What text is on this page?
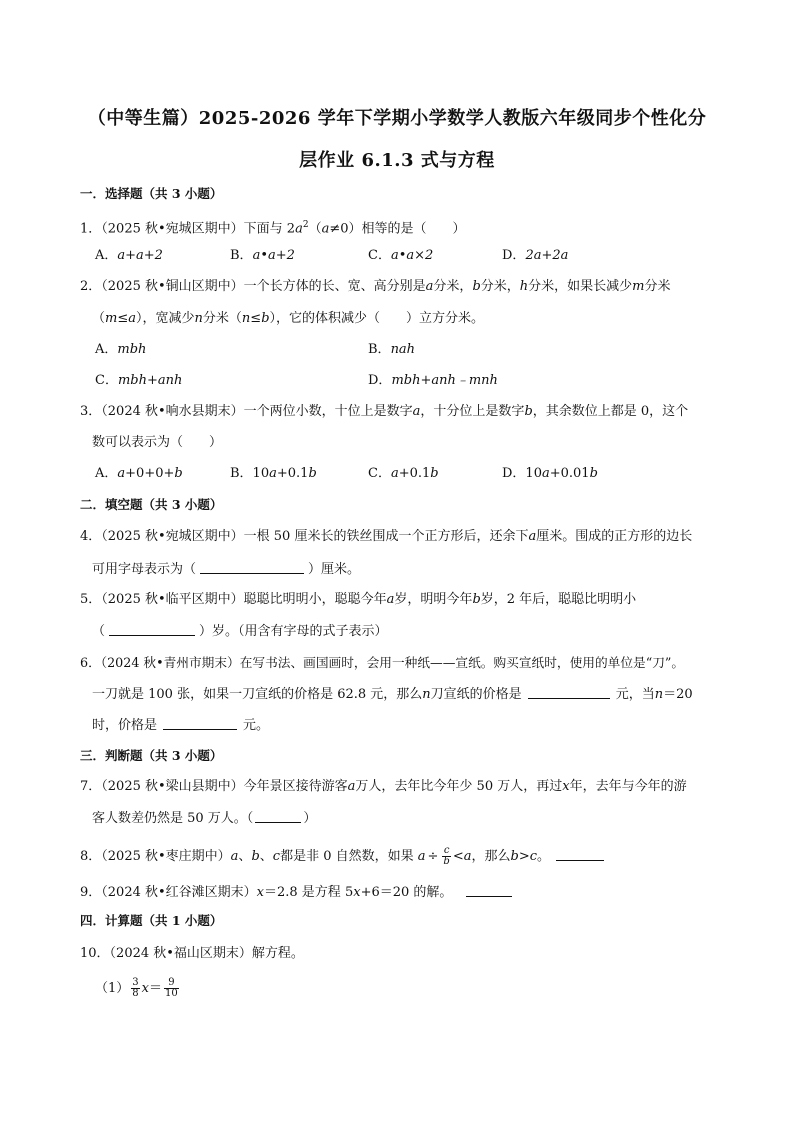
（中等生篇）2025-2026 学年下学期小学数学人教版六年级同步个性化分
层作业 6.1.3 式与方程
一．选择题（共 3 小题）
1．（2025 秋•宛城区期中）下面与 $2a^2(a\ne 0)$相等的是（　　）
A．a+a+2	B．a•a+2	C．a•a×2	D．2a+2a
2．（2025 秋•铜山区期中）一个长方体的长、宽、高分别是a分米，b分米，h分米，如果长减少m分米
（m≤a），宽减少n分米（n≤b），它的体积减少（　　）立方分米。
A．mbh	B．nah
C．mbh+anh	D．mbh+anh﹣mnh
3．（2024 秋•响水县期末）一个两位小数，十位上是数字a，十分位上是数字b，其余数位上都是 0，这个
数可以表示为（　　）
A．a+0+0+b	B．10a+0.1b	C．a+0.1b	D．10a+0.01b
二．填空题（共 3 小题）
4．（2025 秋•宛城区期中）一根 50 厘米长的铁丝围成一个正方形后，还余下a厘米。围成的正方形的边长
可用字母表示为（	）厘米。
5．（2025 秋•临平区期中）聪聪比明明小，聪聪今年a岁，明明今年b岁，2 年后，聪聪比明明小
（	）岁。（用含有字母的式子表示）
6．（2024 秋•青州市期末）在写书法、画国画时，会用一种纸——宣纸。购买宣纸时，使用的单位是“刀”。
一刀就是 100 张，如果一刀宣纸的价格是 62.8 元，那么n刀宣纸的价格是	元，当n＝20
时，价格是	元。
三．判断题（共 3 小题）
7．（2025 秋•梁山县期中）今年景区接待游客a万人，去年比今年少 50 万人，再过x年，去年与今年的游
客人数差仍然是 50 万人。（	）
8．（2025 秋•枣庄期中）a、b、c都是非 0 自然数，如果 $a \div \frac{c}{b} <a$，那么b>c。
9．（2024 秋•红谷滩区期末）x＝2.8 是方程 5x+6＝20 的解。
四．计算题（共 1 小题）
10．（2024 秋•福山区期末）解方程。
$(1) \frac{3}{8} x= \frac{9}{10}$
